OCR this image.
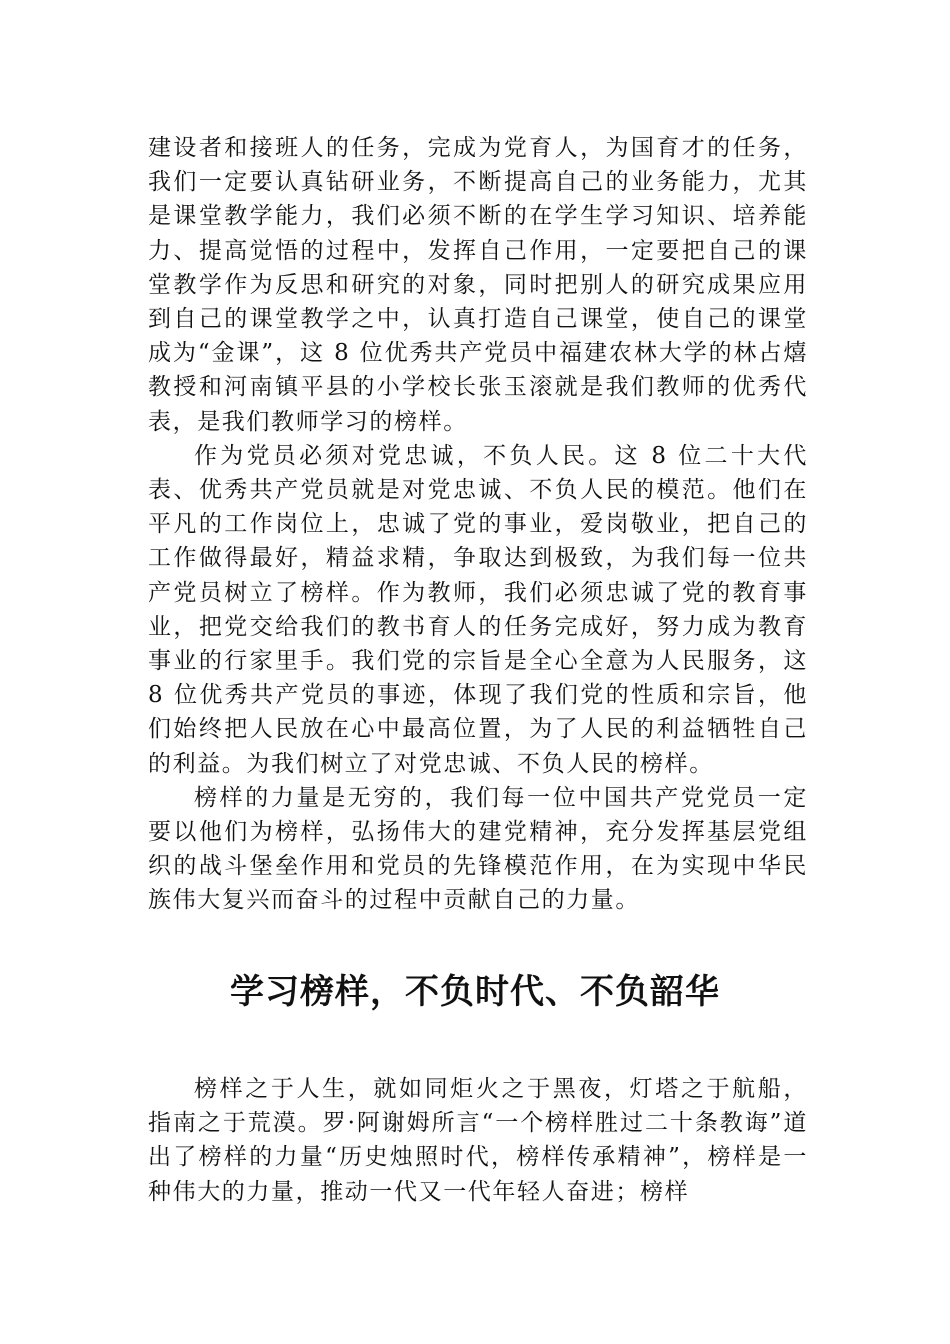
建设者和接班人的任务，完成为党育人，为国育才的任务，我们一定要认真钻研业务，不断提高自己的业务能力，尤其是课堂教学能力，我们必须不断的在学生学习知识、培养能力、提高觉悟的过程中，发挥自己作用，一定要把自己的课堂教学作为反思和研究的对象，同时把别人的研究成果应用到自己的课堂教学之中，认真打造自己课堂，使自己的课堂成为“金课”，这 8 位优秀共产党员中福建农林大学的林占熺教授和河南镇平县的小学校长张玉滚就是我们教师的优秀代表，是我们教师学习的榜样。

作为党员必须对党忠诚，不负人民。这 8 位二十大代表、优秀共产党员就是对党忠诚、不负人民的模范。他们在平凡的工作岗位上，忠诚了党的事业，爱岗敬业，把自己的工作做得最好，精益求精，争取达到极致，为我们每一位共产党员树立了榜样。作为教师，我们必须忠诚了党的教育事业，把党交给我们的教书育人的任务完成好，努力成为教育事业的行家里手。我们党的宗旨是全心全意为人民服务，这 8 位优秀共产党员的事迹，体现了我们党的性质和宗旨，他们始终把人民放在心中最高位置，为了人民的利益牺牲自己的利益。为我们树立了对党忠诚、不负人民的榜样。

榜样的力量是无穷的，我们每一位中国共产党党员一定要以他们为榜样，弘扬伟大的建党精神，充分发挥基层党组织的战斗堡垒作用和党员的先锋模范作用，在为实现中华民族伟大复兴而奋斗的过程中贡献自己的力量。

学习榜样，不负时代、不负韶华

榜样之于人生，就如同炬火之于黑夜，灯塔之于航船，指南之于荒漠。罗·阿谢姆所言“一个榜样胜过二十条教诲”道出了榜样的力量“历史烛照时代，榜样传承精神”，榜样是一种伟大的力量，推动一代又一代年轻人奋进；榜样
